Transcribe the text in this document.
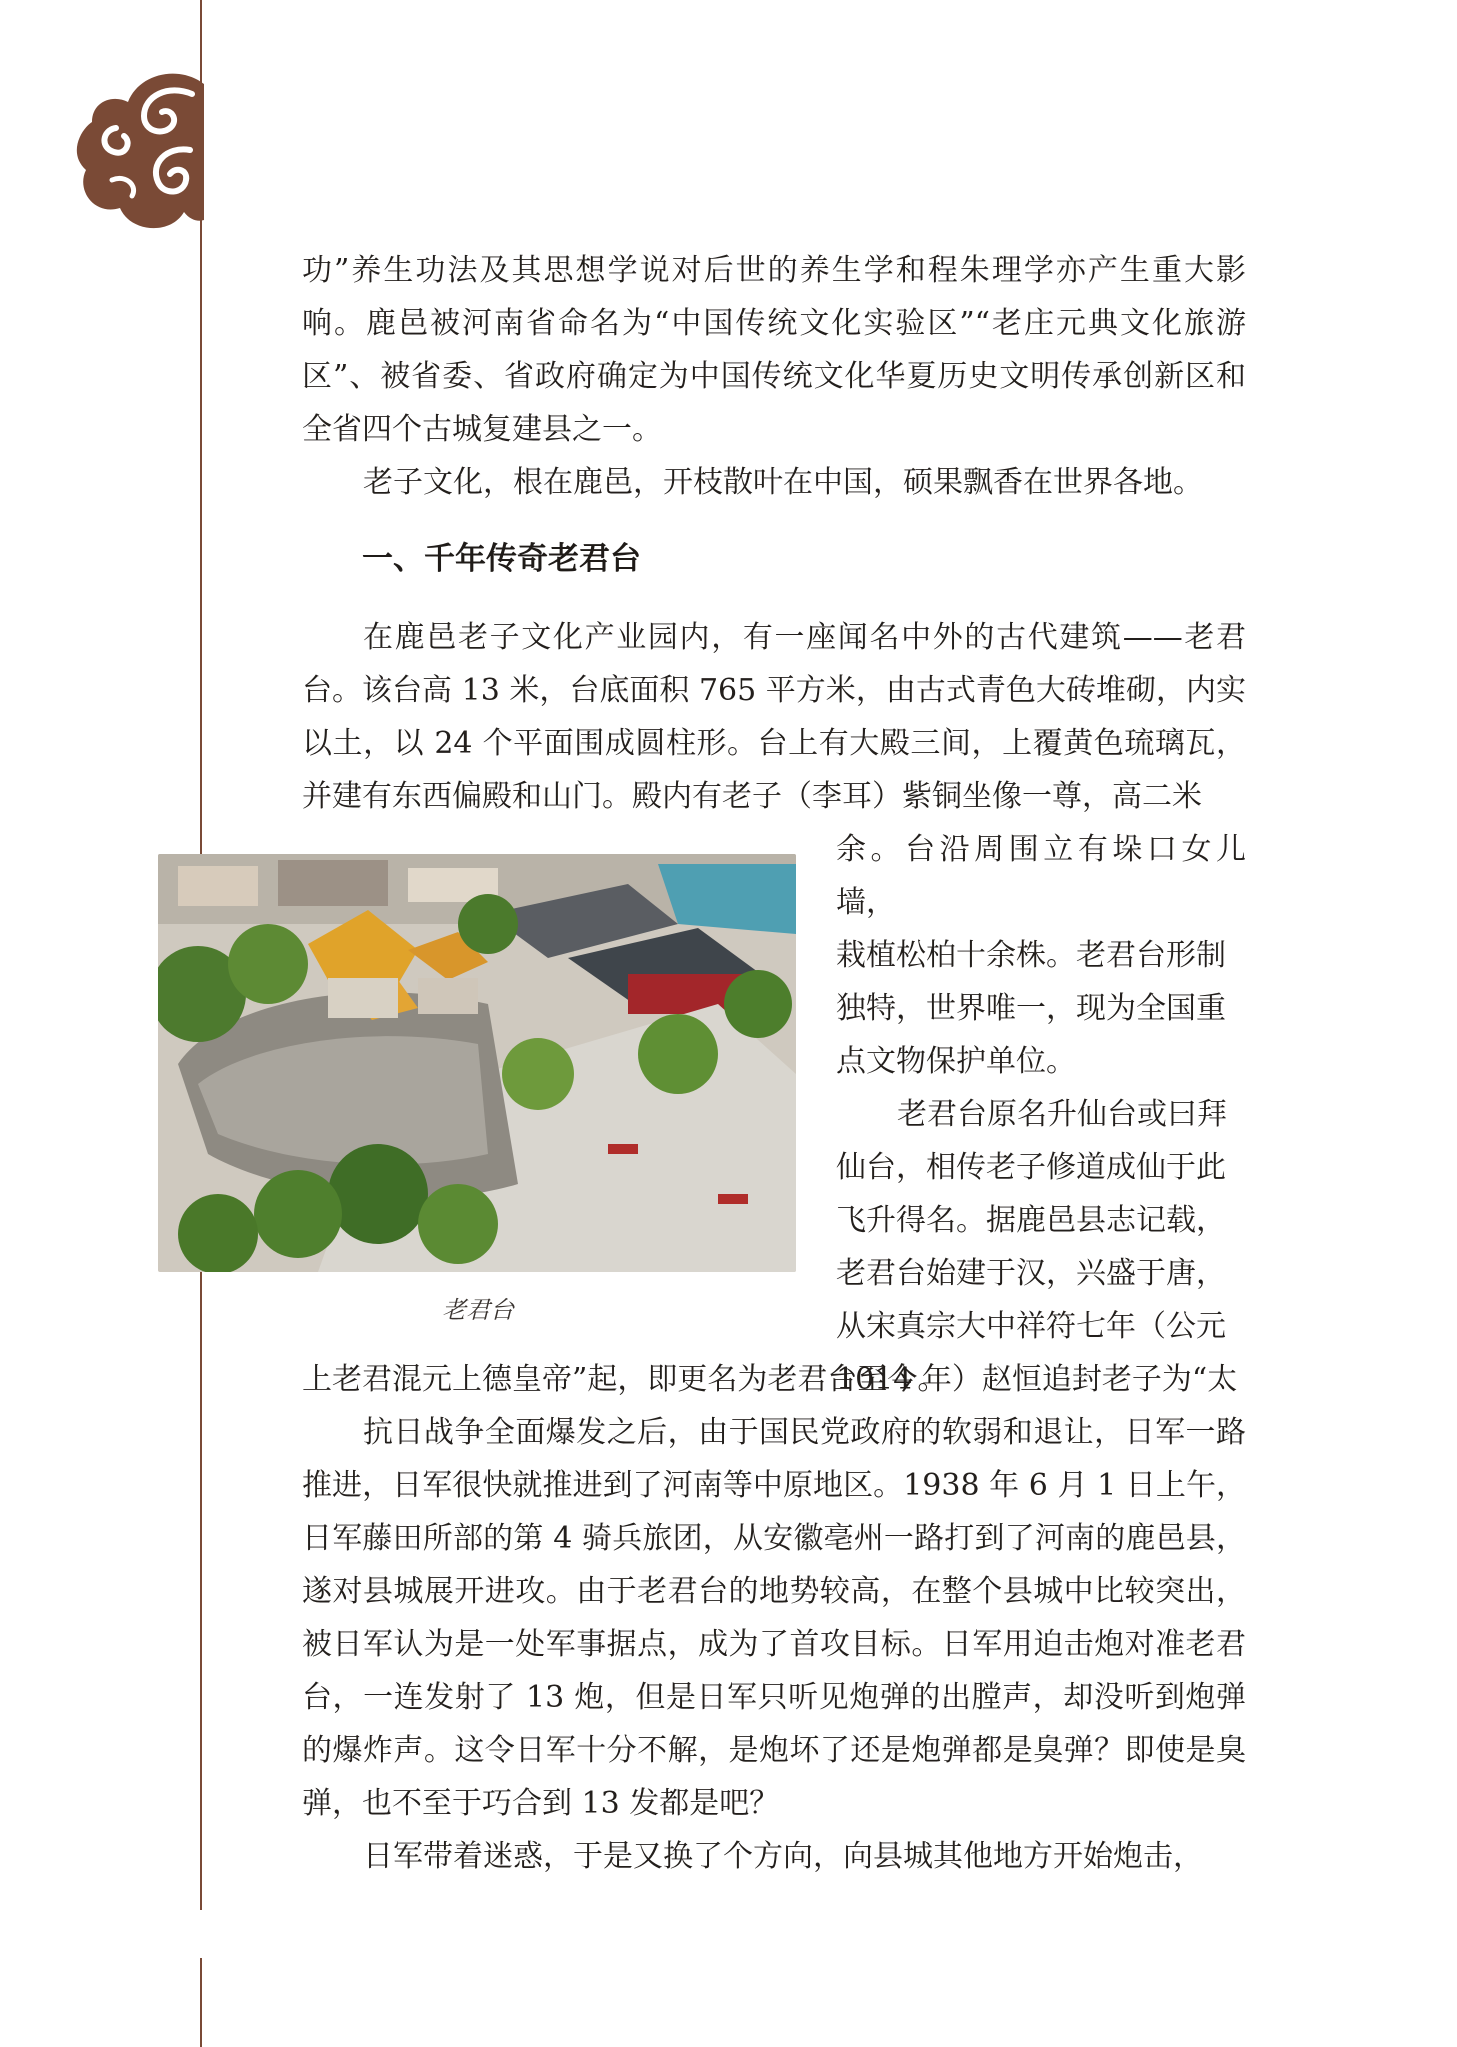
功”养生功法及其思想学说对后世的养生学和程朱理学亦产生重大影响。鹿邑被河南省命名为“中国传统文化实验区”“老庄元典文化旅游区”、被省委、省政府确定为中国传统文化华夏历史文明传承创新区和全省四个古城复建县之一。

老子文化，根在鹿邑，开枝散叶在中国，硕果飘香在世界各地。

一、千年传奇老君台

在鹿邑老子文化产业园内，有一座闻名中外的古代建筑——老君台。该台高 13 米，台底面积 765 平方米，由古式青色大砖堆砌，内实以土，以 24 个平面围成圆柱形。台上有大殿三间，上覆黄色琉璃瓦，并建有东西偏殿和山门。殿内有老子（李耳）紫铜坐像一尊，高二米

老君台

余。台沿周围立有垛口女儿墙，

栽植松柏十余株。老君台形制

独特，世界唯一，现为全国重

点文物保护单位。

老君台原名升仙台或曰拜

仙台，相传老子修道成仙于此

飞升得名。据鹿邑县志记载，

老君台始建于汉，兴盛于唐，

从宋真宗大中祥符七年（公元

1014 年）赵恒追封老子为“太

上老君混元上德皇帝”起，即更名为老君台至今。

抗日战争全面爆发之后，由于国民党政府的软弱和退让，日军一路推进，日军很快就推进到了河南等中原地区。1938 年 6 月 1 日上午，日军藤田所部的第 4 骑兵旅团，从安徽亳州一路打到了河南的鹿邑县，遂对县城展开进攻。由于老君台的地势较高，在整个县城中比较突出，被日军认为是一处军事据点，成为了首攻目标。日军用迫击炮对准老君台，一连发射了 13 炮，但是日军只听见炮弹的出膛声，却没听到炮弹的爆炸声。这令日军十分不解，是炮坏了还是炮弹都是臭弹？即使是臭弹，也不至于巧合到 13 发都是吧？

日军带着迷惑，于是又换了个方向，向县城其他地方开始炮击，
